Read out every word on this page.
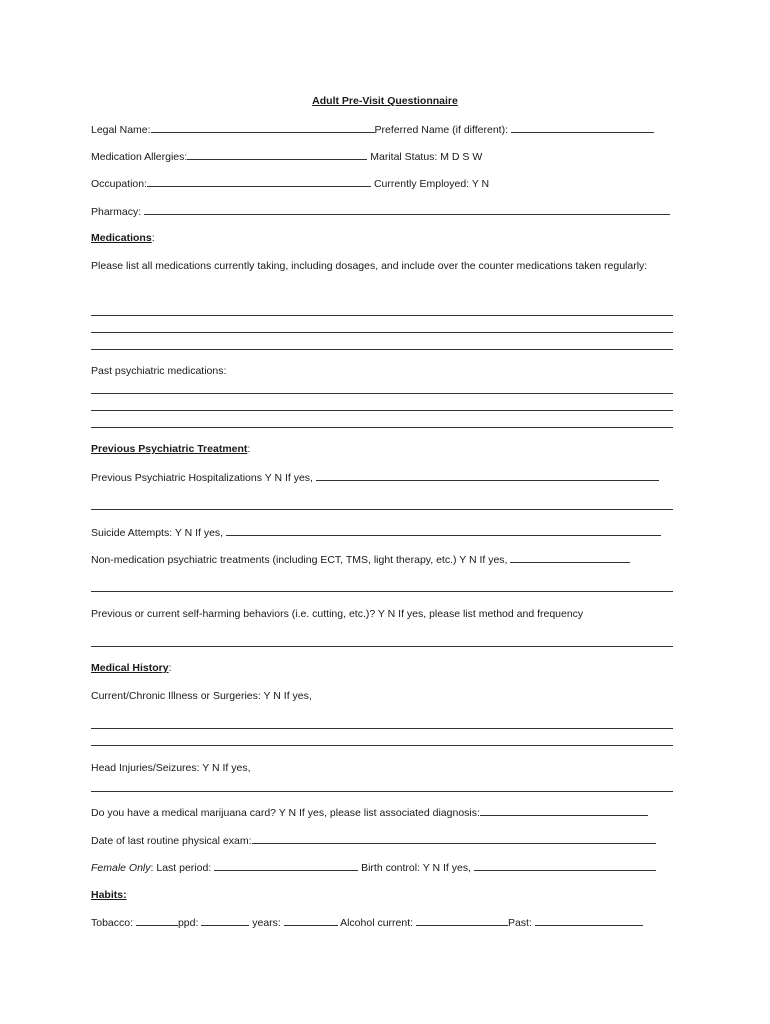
Adult Pre-Visit Questionnaire
Legal Name:	Preferred Name (if different):
Medication Allergies:	Marital Status: M D S W
Occupation:	Currently Employed: Y N
Pharmacy:
Medications:
Please list all medications currently taking, including dosages, and include over the counter medications taken regularly:
Past psychiatric medications:
Previous Psychiatric Treatment:
Previous Psychiatric Hospitalizations Y N If yes,
Suicide Attempts: Y N If yes,
Non-medication psychiatric treatments (including ECT, TMS, light therapy, etc.) Y N If yes,
Previous or current self-harming behaviors (i.e. cutting, etc.)? Y N If yes, please list method and frequency
Medical History:
Current/Chronic Illness or Surgeries: Y N If yes,
Head Injuries/Seizures: Y N If yes,
Do you have a medical marijuana card? Y N If yes, please list associated diagnosis:
Date of last routine physical exam:
Female Only: Last period:	Birth control: Y N If yes,
Habits:
Tobacco:	ppd:	years:	Alcohol current:	Past:
